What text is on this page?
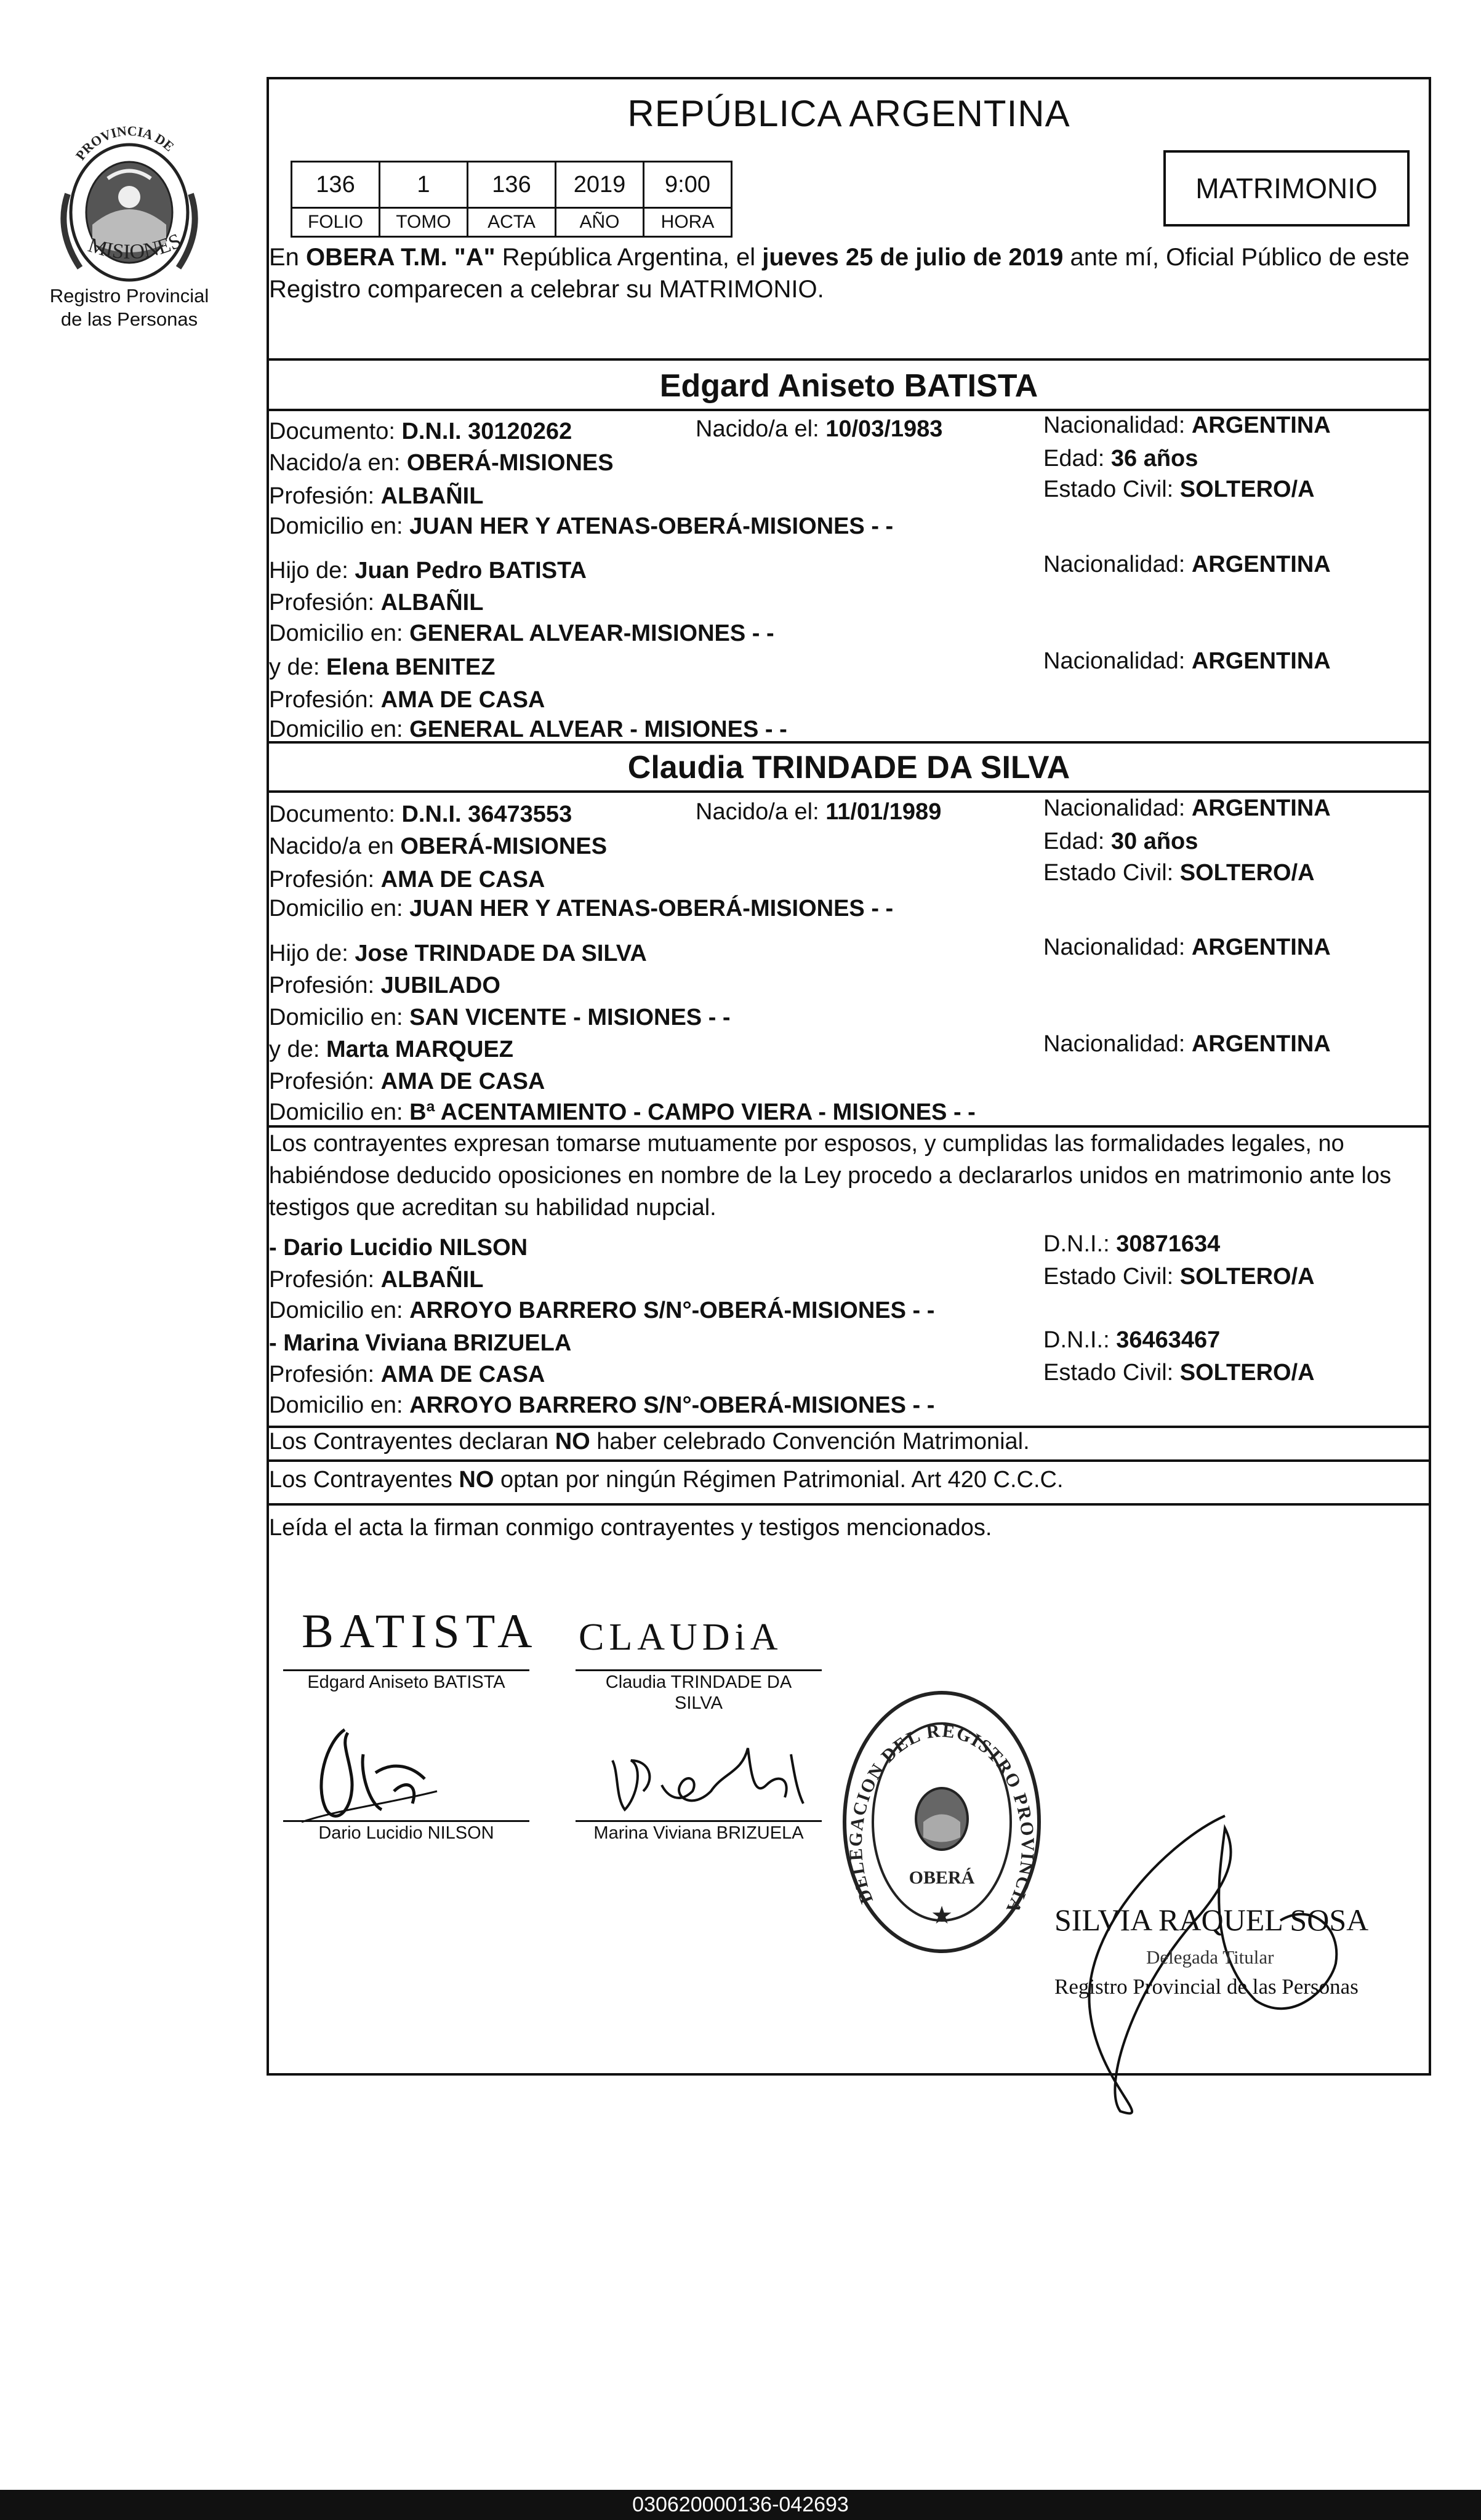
PROVINCIA DE
MISIONES
Registro Provincial
de las Personas
REPÚBLICA ARGENTINA
136	1	136	2019	9:00
FOLIO	TOMO	ACTA	AÑO	HORA
MATRIMONIO
En OBERA T.M. "A" República Argentina, el jueves 25 de julio de 2019 ante mí, Oficial Público de este Registro comparecen a celebrar su MATRIMONIO.
Edgard Aniseto BATISTA
Documento: D.N.I. 30120262	Nacido/a el: 10/03/1983	Nacionalidad: ARGENTINA
Nacido/a en: OBERÁ-MISIONES	Edad: 36 años
Profesión: ALBAÑIL	Estado Civil: SOLTERO/A
Domicilio en: JUAN HER Y ATENAS-OBERÁ-MISIONES - -
Hijo de: Juan Pedro BATISTA	Nacionalidad: ARGENTINA
Profesión: ALBAÑIL
Domicilio en: GENERAL ALVEAR-MISIONES - -
y de: Elena BENITEZ	Nacionalidad: ARGENTINA
Profesión: AMA DE CASA
Domicilio en: GENERAL ALVEAR - MISIONES - -
Claudia TRINDADE DA SILVA
Documento: D.N.I. 36473553	Nacido/a el: 11/01/1989	Nacionalidad: ARGENTINA
Nacido/a en OBERÁ-MISIONES	Edad: 30 años
Profesión: AMA DE CASA	Estado Civil: SOLTERO/A
Domicilio en: JUAN HER Y ATENAS-OBERÁ-MISIONES - -
Hijo de: Jose TRINDADE DA SILVA	Nacionalidad: ARGENTINA
Profesión: JUBILADO
Domicilio en: SAN VICENTE - MISIONES - -
y de: Marta MARQUEZ	Nacionalidad: ARGENTINA
Profesión: AMA DE CASA
Domicilio en: Bª ACENTAMIENTO - CAMPO VIERA - MISIONES - -
Los contrayentes expresan tomarse mutuamente por esposos, y cumplidas las formalidades legales, no habiéndose deducido oposiciones en nombre de la Ley procedo a declararlos unidos en matrimonio ante los testigos que acreditan su habilidad nupcial.
- Dario Lucidio NILSON	D.N.I.: 30871634
Profesión: ALBAÑIL	Estado Civil: SOLTERO/A
Domicilio en: ARROYO BARRERO S/N°-OBERÁ-MISIONES - -
- Marina Viviana BRIZUELA	D.N.I.: 36463467
Profesión: AMA DE CASA	Estado Civil: SOLTERO/A
Domicilio en: ARROYO BARRERO S/N°-OBERÁ-MISIONES - -
Los Contrayentes declaran NO haber celebrado Convención Matrimonial.
Los Contrayentes NO optan por ningún Régimen Patrimonial. Art 420 C.C.C.
Leída el acta la firman conmigo contrayentes y testigos mencionados.
BATISTA
Edgard Aniseto BATISTA
CLAUDiA
Claudia TRINDADE DA
SILVA
Dario Lucidio NILSON	Marina Viviana BRIZUELA
DELEGACION DEL REGISTRO PROVINCIA
OBERÁ
★	SILVIA RAQUEL SOSA
Delegada Titular
Registro Provincial de las Personas
030620000136-042693
